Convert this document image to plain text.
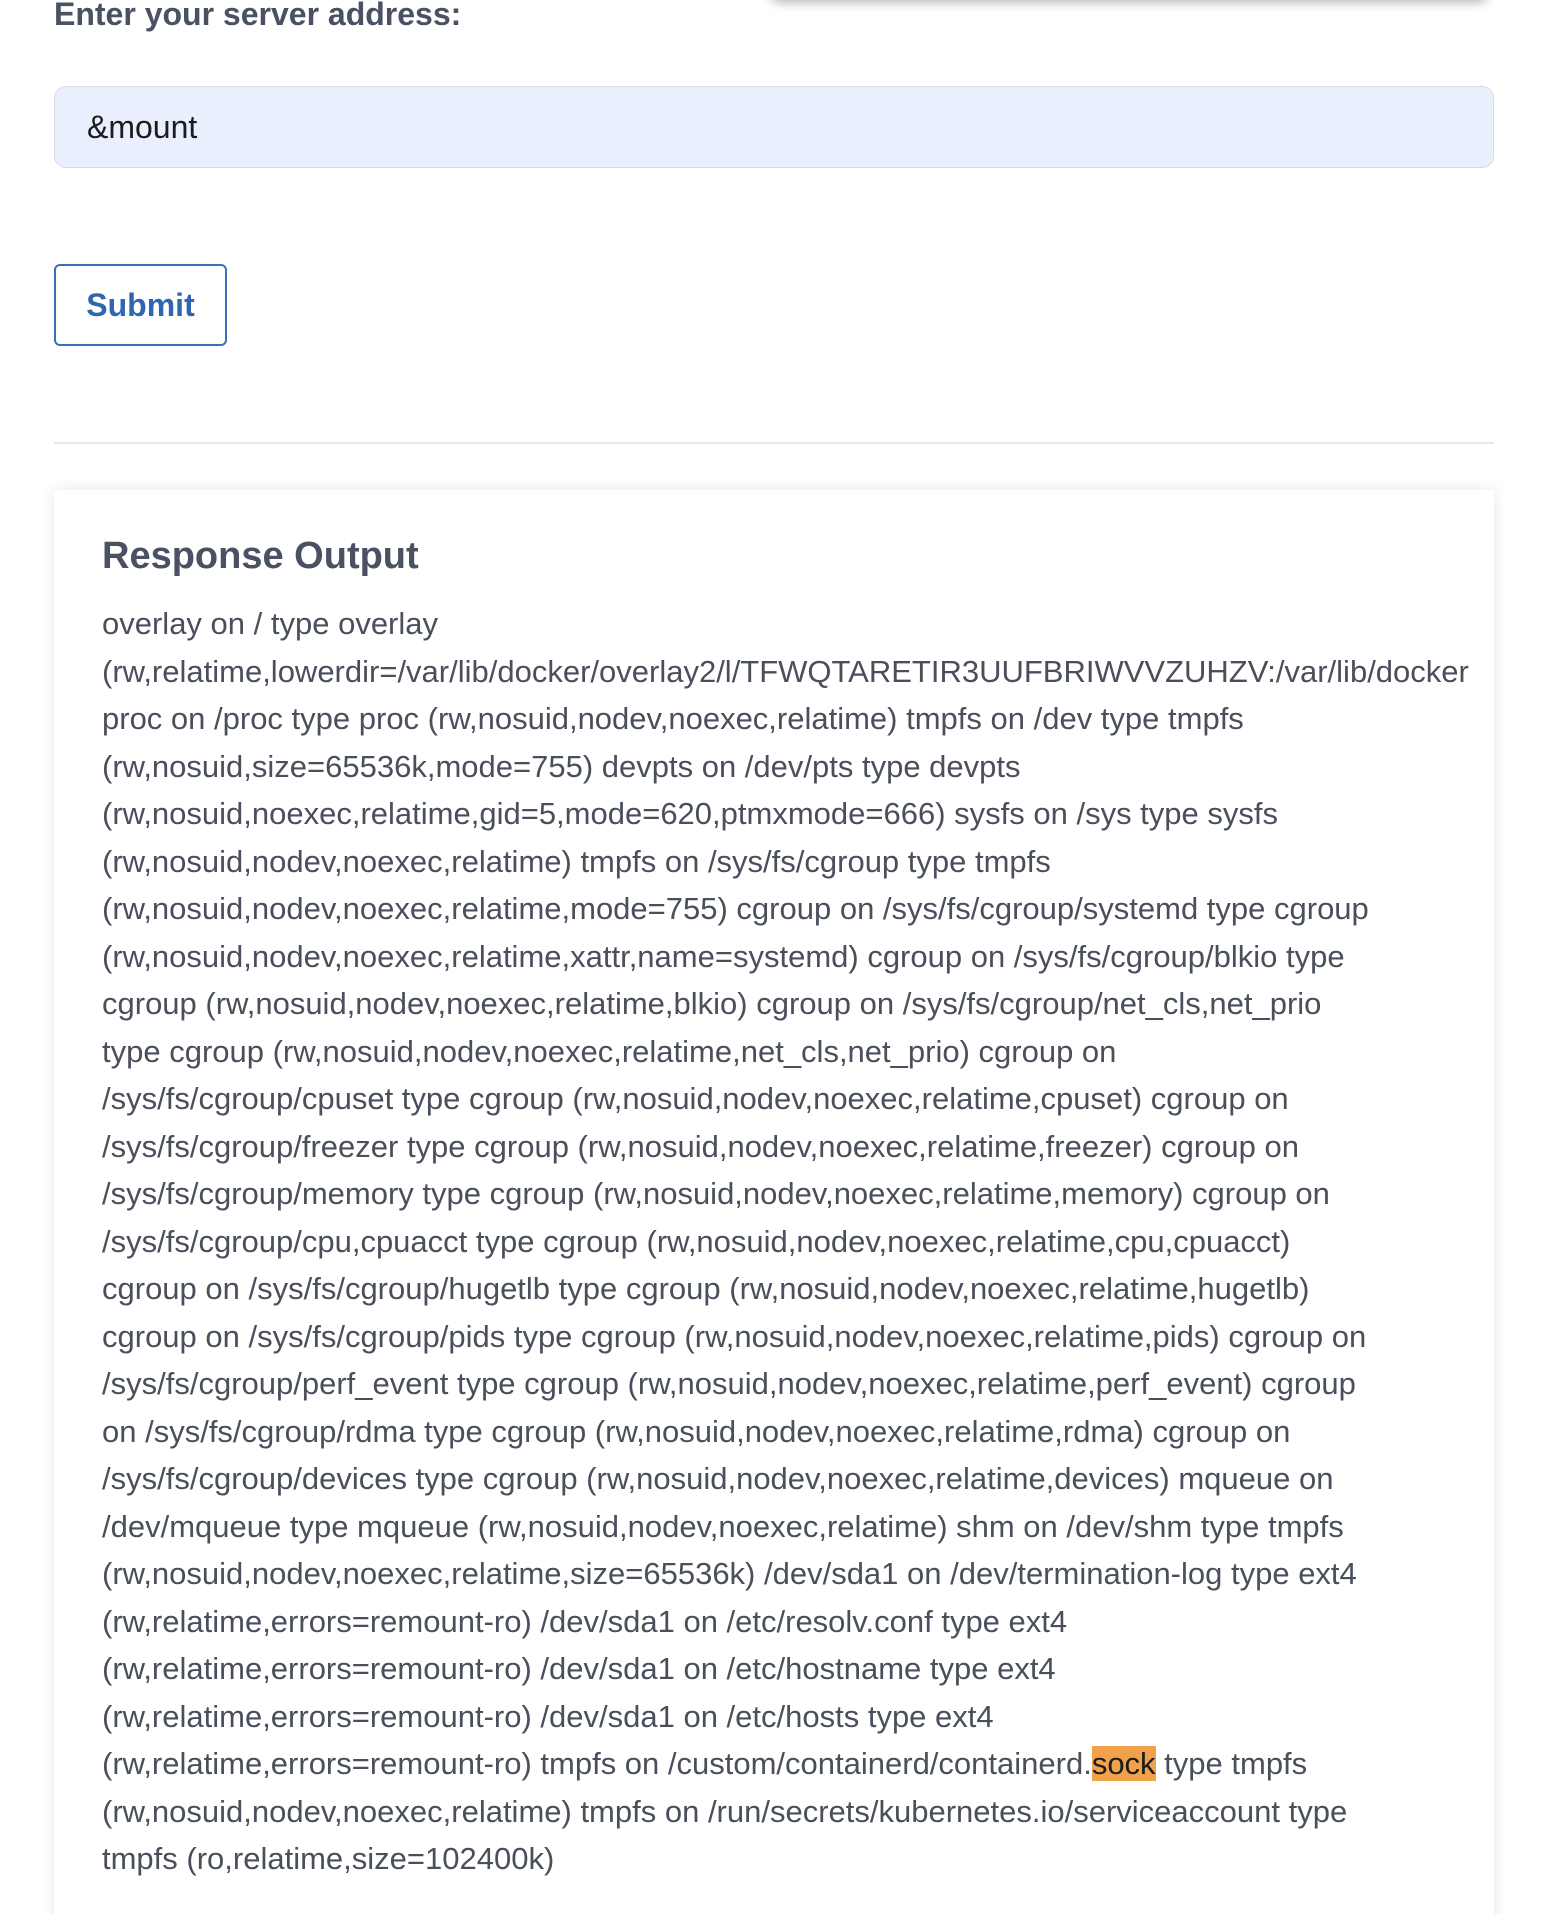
Enter your server address:
&mount
Submit
Response Output
overlay on / type overlay
(rw,relatime,lowerdir=/var/lib/docker/overlay2/l/TFWQTARETIR3UUFBRIWVVZUHZV:/var/lib/docker
proc on /proc type proc (rw,nosuid,nodev,noexec,relatime) tmpfs on /dev type tmpfs
(rw,nosuid,size=65536k,mode=755) devpts on /dev/pts type devpts
(rw,nosuid,noexec,relatime,gid=5,mode=620,ptmxmode=666) sysfs on /sys type sysfs
(rw,nosuid,nodev,noexec,relatime) tmpfs on /sys/fs/cgroup type tmpfs
(rw,nosuid,nodev,noexec,relatime,mode=755) cgroup on /sys/fs/cgroup/systemd type cgroup
(rw,nosuid,nodev,noexec,relatime,xattr,name=systemd) cgroup on /sys/fs/cgroup/blkio type
cgroup (rw,nosuid,nodev,noexec,relatime,blkio) cgroup on /sys/fs/cgroup/net_cls,net_prio
type cgroup (rw,nosuid,nodev,noexec,relatime,net_cls,net_prio) cgroup on
/sys/fs/cgroup/cpuset type cgroup (rw,nosuid,nodev,noexec,relatime,cpuset) cgroup on
/sys/fs/cgroup/freezer type cgroup (rw,nosuid,nodev,noexec,relatime,freezer) cgroup on
/sys/fs/cgroup/memory type cgroup (rw,nosuid,nodev,noexec,relatime,memory) cgroup on
/sys/fs/cgroup/cpu,cpuacct type cgroup (rw,nosuid,nodev,noexec,relatime,cpu,cpuacct)
cgroup on /sys/fs/cgroup/hugetlb type cgroup (rw,nosuid,nodev,noexec,relatime,hugetlb)
cgroup on /sys/fs/cgroup/pids type cgroup (rw,nosuid,nodev,noexec,relatime,pids) cgroup on
/sys/fs/cgroup/perf_event type cgroup (rw,nosuid,nodev,noexec,relatime,perf_event) cgroup
on /sys/fs/cgroup/rdma type cgroup (rw,nosuid,nodev,noexec,relatime,rdma) cgroup on
/sys/fs/cgroup/devices type cgroup (rw,nosuid,nodev,noexec,relatime,devices) mqueue on
/dev/mqueue type mqueue (rw,nosuid,nodev,noexec,relatime) shm on /dev/shm type tmpfs
(rw,nosuid,nodev,noexec,relatime,size=65536k) /dev/sda1 on /dev/termination-log type ext4
(rw,relatime,errors=remount-ro) /dev/sda1 on /etc/resolv.conf type ext4
(rw,relatime,errors=remount-ro) /dev/sda1 on /etc/hostname type ext4
(rw,relatime,errors=remount-ro) /dev/sda1 on /etc/hosts type ext4
(rw,relatime,errors=remount-ro) tmpfs on /custom/containerd/containerd.sock type tmpfs
(rw,nosuid,nodev,noexec,relatime) tmpfs on /run/secrets/kubernetes.io/serviceaccount type
tmpfs (ro,relatime,size=102400k)
